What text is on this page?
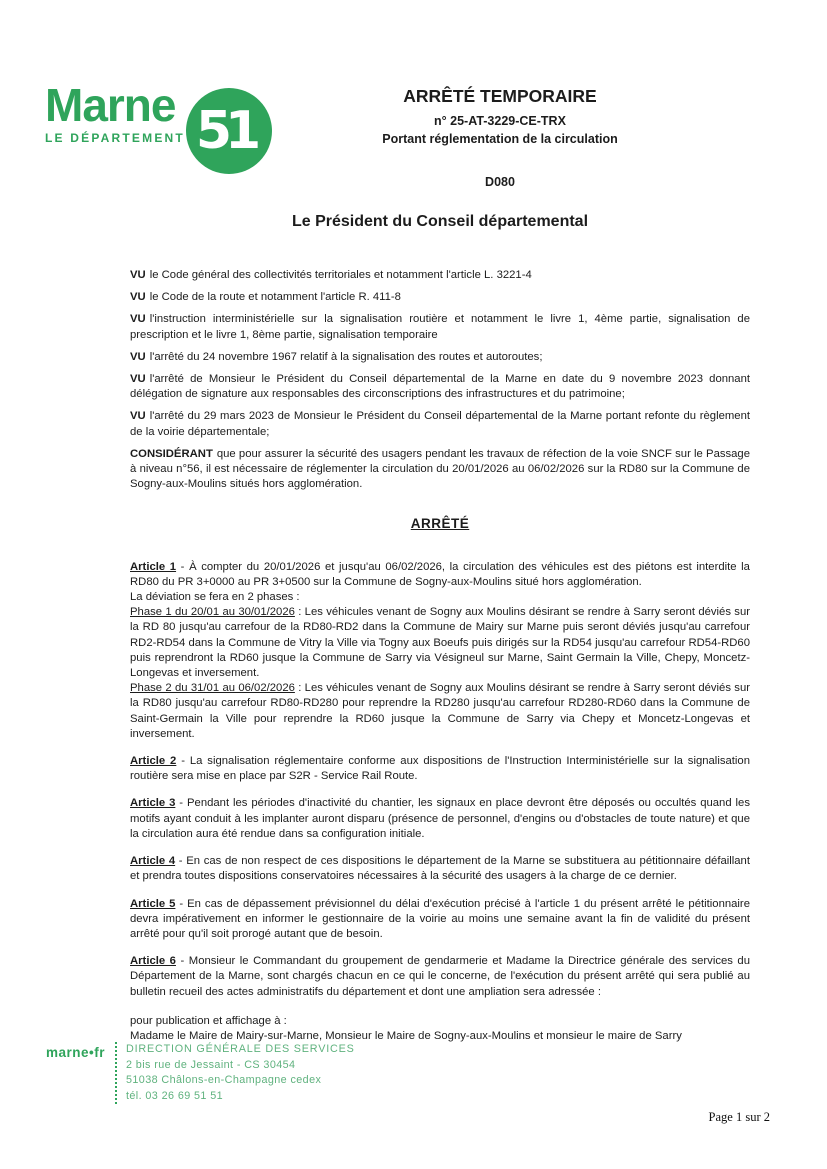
Marne
LE DÉPARTEMENT 51
ARRÊTÉ TEMPORAIRE
n° 25-AT-3229-CE-TRX
Portant réglementation de la circulation
D080
Le Président du Conseil départemental

VU le Code général des collectivités territoriales et notamment l'article L. 3221-4

VU le Code de la route et notamment l'article R. 411-8

VU l'instruction interministérielle sur la signalisation routière et notamment le livre 1, 4ème partie, signalisation de prescription et le livre 1, 8ème partie, signalisation temporaire

VU l'arrêté du 24 novembre 1967 relatif à la signalisation des routes et autoroutes;

VU l'arrêté de Monsieur le Président du Conseil départemental de la Marne en date du 9 novembre 2023 donnant délégation de signature aux responsables des circonscriptions des infrastructures et du patrimoine;

VU l'arrêté du 29 mars 2023 de Monsieur le Président du Conseil départemental de la Marne portant refonte du règlement de la voirie départementale;

CONSIDÉRANT que pour assurer la sécurité des usagers pendant les travaux de réfection de la voie SNCF sur le Passage à niveau n°56, il est nécessaire de réglementer la circulation du 20/01/2026 au 06/02/2026 sur la RD80 sur la Commune de Sogny-aux-Moulins situés hors agglomération.

ARRÊTÉ

Article 1 - À compter du 20/01/2026 et jusqu'au 06/02/2026, la circulation des véhicules est des piétons est interdite la RD80 du PR 3+0000 au PR 3+0500 sur la Commune de Sogny-aux-Moulins situé hors agglomération.

La déviation se fera en 2 phases :

Phase 1 du 20/01 au 30/01/2026 : Les véhicules venant de Sogny aux Moulins désirant se rendre à Sarry seront déviés sur la RD 80 jusqu'au carrefour de la RD80-RD2 dans la Commune de Mairy sur Marne puis seront déviés jusqu'au carrefour RD2-RD54 dans la Commune de Vitry la Ville via Togny aux Boeufs puis dirigés sur la RD54 jusqu'au carrefour RD54-RD60 puis reprendront la RD60 jusque la Commune de Sarry via Vésigneul sur Marne, Saint Germain la Ville, Chepy, Moncetz-Longevas et inversement.

Phase 2 du 31/01 au 06/02/2026 : Les véhicules venant de Sogny aux Moulins désirant se rendre à Sarry seront déviés sur la RD80 jusqu'au carrefour RD80-RD280 pour reprendre la RD280 jusqu'au carrefour RD280-RD60 dans la Commune de Saint-Germain la Ville pour reprendre la RD60 jusque la Commune de Sarry via Chepy et Moncetz-Longevas et inversement.

Article 2 - La signalisation réglementaire conforme aux dispositions de l'Instruction Interministérielle sur la signalisation routière sera mise en place par S2R - Service Rail Route.

Article 3 - Pendant les périodes d'inactivité du chantier, les signaux en place devront être déposés ou occultés quand les motifs ayant conduit à les implanter auront disparu (présence de personnel, d'engins ou d'obstacles de toute nature) et que la circulation aura été rendue dans sa configuration initiale.

Article 4 - En cas de non respect de ces dispositions le département de la Marne se substituera au pétitionnaire défaillant et prendra toutes dispositions conservatoires nécessaires à la sécurité des usagers à la charge de ce dernier.

Article 5 - En cas de dépassement prévisionnel du délai d'exécution précisé à l'article 1 du présent arrêté le pétitionnaire devra impérativement en informer le gestionnaire de la voirie au moins une semaine avant la fin de validité du présent arrêté pour qu'il soit prorogé autant que de besoin.

Article 6 - Monsieur le Commandant du groupement de gendarmerie et Madame la Directrice générale des services du Département de la Marne, sont chargés chacun en ce qui le concerne, de l'exécution du présent arrêté qui sera publié au bulletin recueil des actes administratifs du département et dont une ampliation sera adressée :

pour publication et affichage à :

Madame le Maire de Mairy-sur-Marne, Monsieur le Maire de Sogny-aux-Moulins et monsieur le maire de Sarry

marne•fr DIRECTION GÉNÉRALE DES SERVICES
2 bis rue de Jessaint - CS 30454
51038 Châlons-en-Champagne cedex
tél. 03 26 69 51 51
Page 1 sur 2
